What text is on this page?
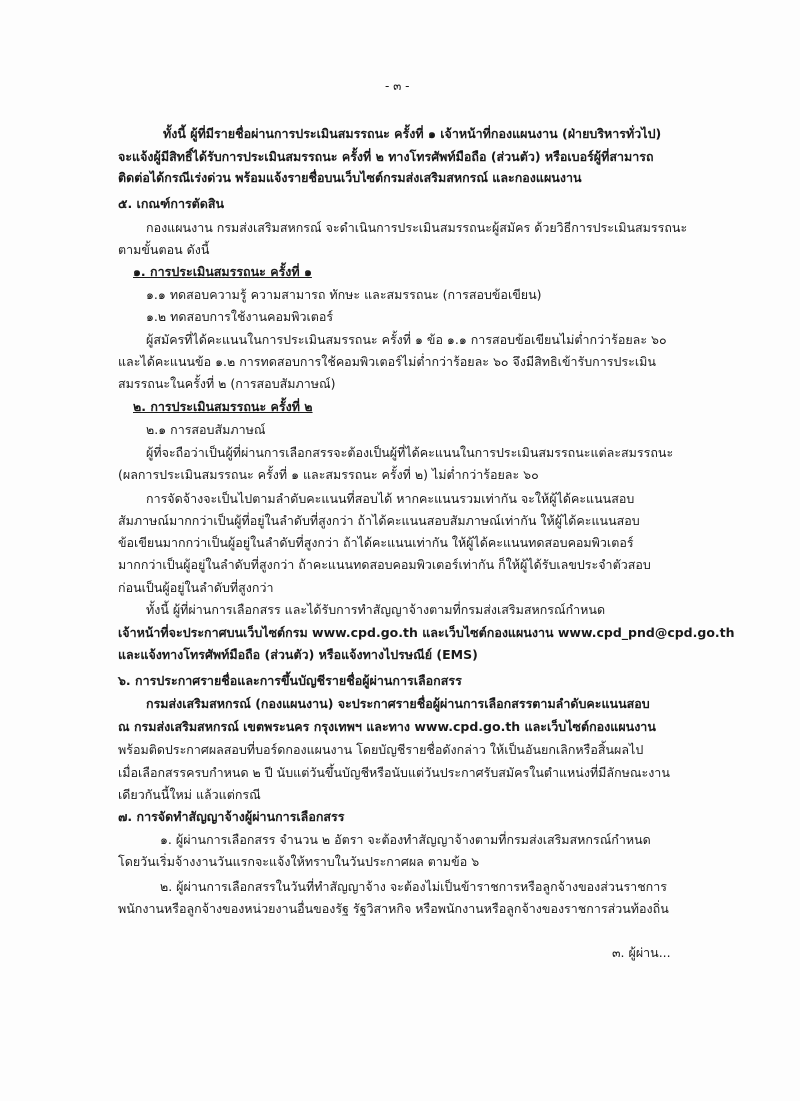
- ๓ -
ทั้งนี้ ผู้ที่มีรายชื่อผ่านการประเมินสมรรถนะ ครั้งที่ ๑ เจ้าหน้าที่กองแผนงาน (ฝ่ายบริหารทั่วไป)
จะแจ้งผู้มีสิทธิ์ได้รับการประเมินสมรรถนะ ครั้งที่ ๒ ทางโทรศัพท์มือถือ (ส่วนตัว) หรือเบอร์ผู้ที่สามารถ
ติดต่อได้กรณีเร่งด่วน พร้อมแจ้งรายชื่อบนเว็บไซต์กรมส่งเสริมสหกรณ์ และกองแผนงาน
๕. เกณฑ์การตัดสิน
กองแผนงาน กรมส่งเสริมสหกรณ์ จะดำเนินการประเมินสมรรถนะผู้สมัคร ด้วยวิธีการประเมินสมรรถนะ
ตามขั้นตอน ดังนี้
๑. การประเมินสมรรถนะ ครั้งที่ ๑
๑.๑ ทดสอบความรู้ ความสามารถ ทักษะ และสมรรถนะ (การสอบข้อเขียน)
๑.๒ ทดสอบการใช้งานคอมพิวเตอร์
ผู้สมัครที่ได้คะแนนในการประเมินสมรรถนะ ครั้งที่ ๑ ข้อ ๑.๑ การสอบข้อเขียนไม่ต่ำกว่าร้อยละ ๖๐
และได้คะแนนข้อ ๑.๒ การทดสอบการใช้คอมพิวเตอร์ไม่ต่ำกว่าร้อยละ ๖๐ จึงมีสิทธิเข้ารับการประเมิน
สมรรถนะในครั้งที่ ๒ (การสอบสัมภาษณ์)
๒. การประเมินสมรรถนะ ครั้งที่ ๒
๒.๑ การสอบสัมภาษณ์
ผู้ที่จะถือว่าเป็นผู้ที่ผ่านการเลือกสรรจะต้องเป็นผู้ที่ได้คะแนนในการประเมินสมรรถนะแต่ละสมรรถนะ
(ผลการประเมินสมรรถนะ ครั้งที่ ๑ และสมรรถนะ ครั้งที่ ๒) ไม่ต่ำกว่าร้อยละ ๖๐
การจัดจ้างจะเป็นไปตามลำดับคะแนนที่สอบได้ หากคะแนนรวมเท่ากัน จะให้ผู้ได้คะแนนสอบ
สัมภาษณ์มากกว่าเป็นผู้ที่อยู่ในลำดับที่สูงกว่า ถ้าได้คะแนนสอบสัมภาษณ์เท่ากัน ให้ผู้ได้คะแนนสอบ
ข้อเขียนมากกว่าเป็นผู้อยู่ในลำดับที่สูงกว่า ถ้าได้คะแนนเท่ากัน ให้ผู้ได้คะแนนทดสอบคอมพิวเตอร์
มากกว่าเป็นผู้อยู่ในลำดับที่สูงกว่า ถ้าคะแนนทดสอบคอมพิวเตอร์เท่ากัน ก็ให้ผู้ได้รับเลขประจำตัวสอบ
ก่อนเป็นผู้อยู่ในลำดับที่สูงกว่า
ทั้งนี้ ผู้ที่ผ่านการเลือกสรร และได้รับการทำสัญญาจ้างตามที่กรมส่งเสริมสหกรณ์กำหนด
เจ้าหน้าที่จะประกาศบนเว็บไซต์กรม www.cpd.go.th และเว็บไซต์กองแผนงาน www.cpd_pnd@cpd.go.th
และแจ้งทางโทรศัพท์มือถือ (ส่วนตัว) หรือแจ้งทางไปรษณีย์ (EMS)
๖. การประกาศรายชื่อและการขึ้นบัญชีรายชื่อผู้ผ่านการเลือกสรร
กรมส่งเสริมสหกรณ์ (กองแผนงาน) จะประกาศรายชื่อผู้ผ่านการเลือกสรรตามลำดับคะแนนสอบ
ณ กรมส่งเสริมสหกรณ์ เขตพระนคร กรุงเทพฯ และทาง www.cpd.go.th และเว็บไซต์กองแผนงาน
พร้อมติดประกาศผลสอบที่บอร์ดกองแผนงาน โดยบัญชีรายชื่อดังกล่าว ให้เป็นอันยกเลิกหรือสิ้นผลไป
เมื่อเลือกสรรครบกำหนด ๒ ปี นับแต่วันขึ้นบัญชีหรือนับแต่วันประกาศรับสมัครในตำแหน่งที่มีลักษณะงาน
เดียวกันนี้ใหม่ แล้วแต่กรณี
๗. การจัดทำสัญญาจ้างผู้ผ่านการเลือกสรร
๑. ผู้ผ่านการเลือกสรร จำนวน ๒ อัตรา จะต้องทำสัญญาจ้างตามที่กรมส่งเสริมสหกรณ์กำหนด
โดยวันเริ่มจ้างงานวันแรกจะแจ้งให้ทราบในวันประกาศผล ตามข้อ ๖
๒. ผู้ผ่านการเลือกสรรในวันที่ทำสัญญาจ้าง จะต้องไม่เป็นข้าราชการหรือลูกจ้างของส่วนราชการ
พนักงานหรือลูกจ้างของหน่วยงานอื่นของรัฐ รัฐวิสาหกิจ หรือพนักงานหรือลูกจ้างของราชการส่วนท้องถิ่น
๓. ผู้ผ่าน...
